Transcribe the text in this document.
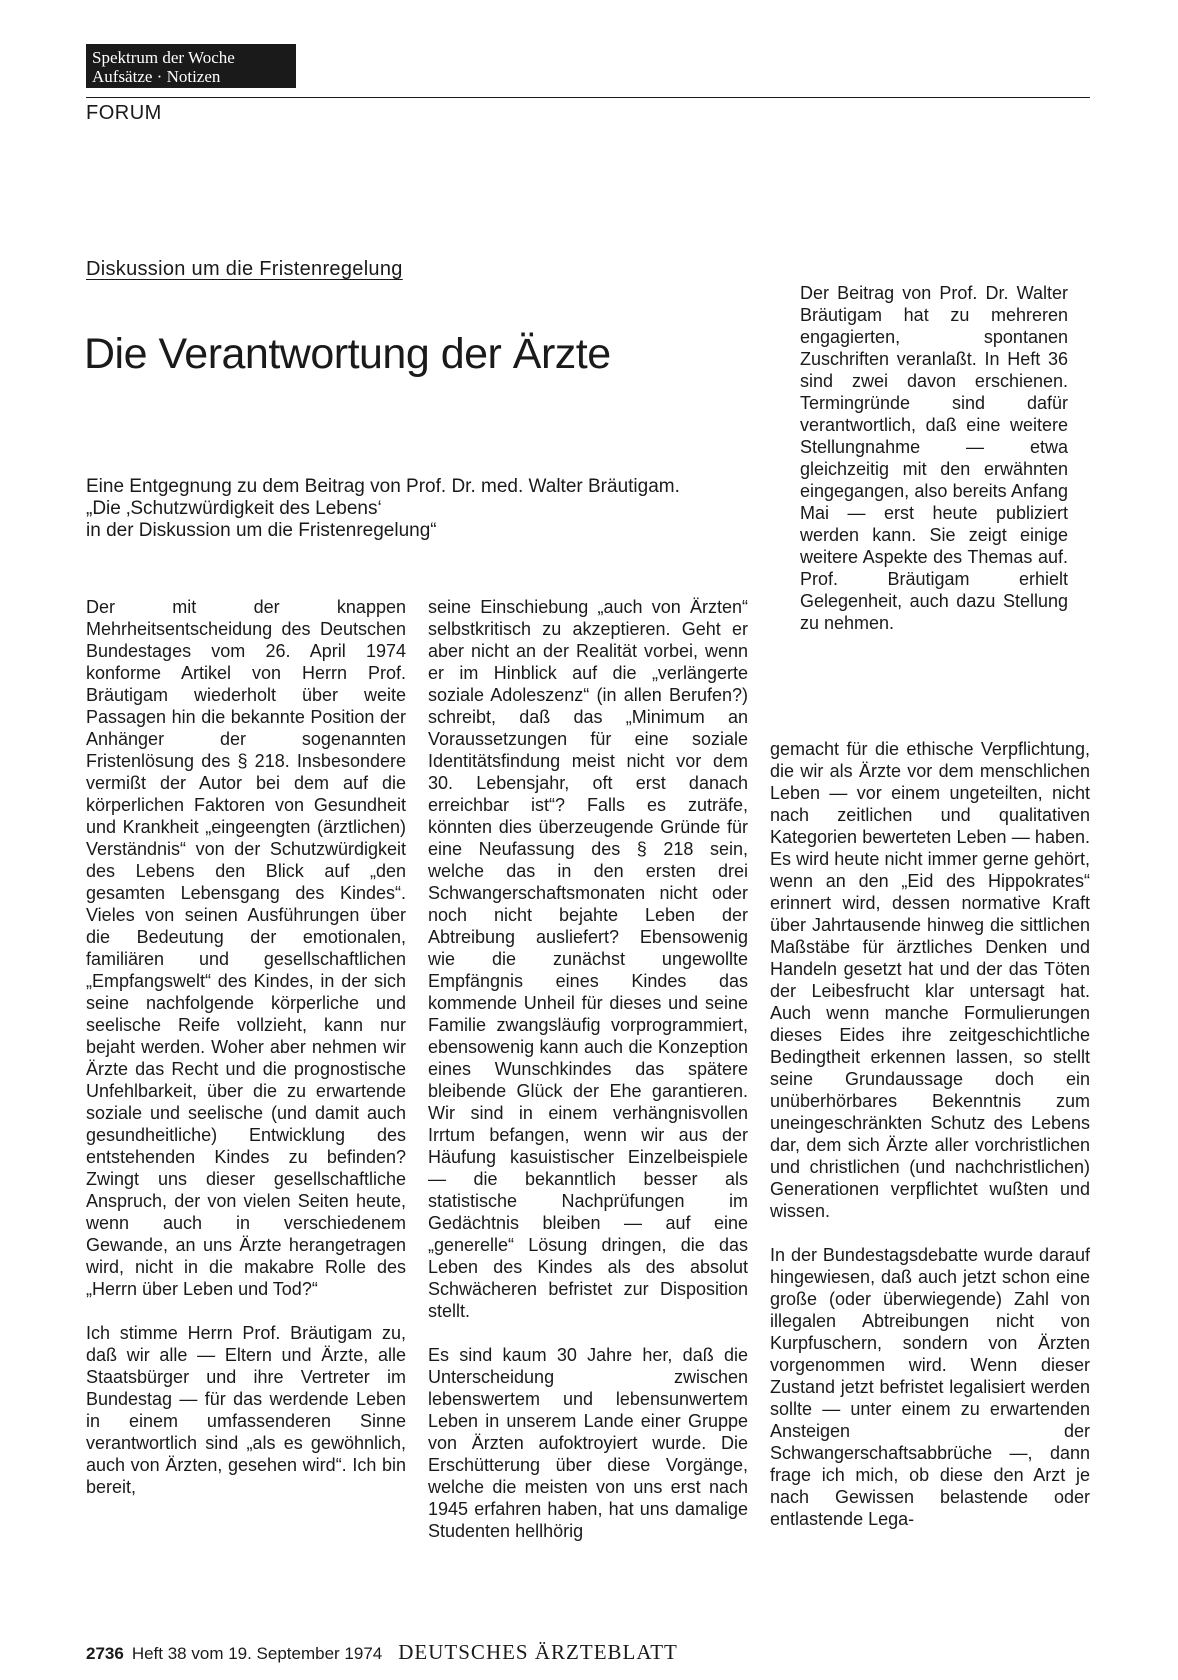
Spektrum der Woche
Aufsätze · Notizen
FORUM
Diskussion um die Fristenregelung
Die Verantwortung der Ärzte
Eine Entgegnung zu dem Beitrag von Prof. Dr. med. Walter Bräutigam.
„Die ‚Schutzwürdigkeit des Lebens‘
in der Diskussion um die Fristenregelung“
Der Beitrag von Prof. Dr. Walter Bräutigam hat zu mehreren engagierten, spontanen Zuschriften veranlaßt. In Heft 36 sind zwei davon erschienen. Termingründe sind dafür verantwortlich, daß eine weitere Stellungnahme — etwa gleichzeitig mit den erwähnten eingegangen, also bereits Anfang Mai — erst heute publiziert werden kann. Sie zeigt einige weitere Aspekte des Themas auf. Prof. Bräutigam erhielt Gelegenheit, auch dazu Stellung zu nehmen.

Der mit der knappen Mehrheitsentscheidung des Deutschen Bundestages vom 26. April 1974 konforme Artikel von Herrn Prof. Bräutigam wiederholt über weite Passagen hin die bekannte Position der Anhänger der sogenannten Fristenlösung des § 218. Insbesondere vermißt der Autor bei dem auf die körperlichen Faktoren von Gesundheit und Krankheit „eingeengten (ärztlichen) Verständnis“ von der Schutzwürdigkeit des Lebens den Blick auf „den gesamten Lebensgang des Kindes“. Vieles von seinen Ausführungen über die Bedeutung der emotionalen, familiären und gesellschaftlichen „Empfangswelt“ des Kindes, in der sich seine nachfolgende körperliche und seelische Reife vollzieht, kann nur bejaht werden. Woher aber nehmen wir Ärzte das Recht und die prognostische Unfehlbarkeit, über die zu erwartende soziale und seelische (und damit auch gesundheitliche) Entwicklung des entstehenden Kindes zu befinden? Zwingt uns dieser gesellschaftliche Anspruch, der von vielen Seiten heute, wenn auch in verschiedenem Gewande, an uns Ärzte herangetragen wird, nicht in die makabre Rolle des „Herrn über Leben und Tod?“

Ich stimme Herrn Prof. Bräutigam zu, daß wir alle — Eltern und Ärzte, alle Staatsbürger und ihre Vertreter im Bundestag — für das werdende Leben in einem umfassenderen Sinne verantwortlich sind „als es gewöhnlich, auch von Ärzten, gesehen wird“. Ich bin bereit,

seine Einschiebung „auch von Ärzten“ selbstkritisch zu akzeptieren. Geht er aber nicht an der Realität vorbei, wenn er im Hinblick auf die „verlängerte soziale Adoleszenz“ (in allen Berufen?) schreibt, daß das „Minimum an Voraussetzungen für eine soziale Identitätsfindung meist nicht vor dem 30. Lebensjahr, oft erst danach erreichbar ist“? Falls es zuträfe, könnten dies überzeugende Gründe für eine Neufassung des § 218 sein, welche das in den ersten drei Schwangerschaftsmonaten nicht oder noch nicht bejahte Leben der Abtreibung ausliefert? Ebensowenig wie die zunächst ungewollte Empfängnis eines Kindes das kommende Unheil für dieses und seine Familie zwangsläufig vorprogrammiert, ebensowenig kann auch die Konzeption eines Wunschkindes das spätere bleibende Glück der Ehe garantieren. Wir sind in einem verhängnisvollen Irrtum befangen, wenn wir aus der Häufung kasuistischer Einzelbeispiele — die bekanntlich besser als statistische Nachprüfungen im Gedächtnis bleiben — auf eine „generelle“ Lösung dringen, die das Leben des Kindes als des absolut Schwächeren befristet zur Disposition stellt.

Es sind kaum 30 Jahre her, daß die Unterscheidung zwischen lebenswertem und lebensunwertem Leben in unserem Lande einer Gruppe von Ärzten aufoktroyiert wurde. Die Erschütterung über diese Vorgänge, welche die meisten von uns erst nach 1945 erfahren haben, hat uns damalige Studenten hellhörig

gemacht für die ethische Verpflichtung, die wir als Ärzte vor dem menschlichen Leben — vor einem ungeteilten, nicht nach zeitlichen und qualitativen Kategorien bewerteten Leben — haben. Es wird heute nicht immer gerne gehört, wenn an den „Eid des Hippokrates“ erinnert wird, dessen normative Kraft über Jahrtausende hinweg die sittlichen Maßstäbe für ärztliches Denken und Handeln gesetzt hat und der das Töten der Leibesfrucht klar untersagt hat. Auch wenn manche Formulierungen dieses Eides ihre zeitgeschichtliche Bedingtheit erkennen lassen, so stellt seine Grundaussage doch ein unüberhörbares Bekenntnis zum uneingeschränkten Schutz des Lebens dar, dem sich Ärzte aller vorchristlichen und christlichen (und nachchristlichen) Generationen verpflichtet wußten und wissen.

In der Bundestagsdebatte wurde darauf hingewiesen, daß auch jetzt schon eine große (oder überwiegende) Zahl von illegalen Abtreibungen nicht von Kurpfuschern, sondern von Ärzten vorgenommen wird. Wenn dieser Zustand jetzt befristet legalisiert werden sollte — unter einem zu erwartenden Ansteigen der Schwangerschaftsabbrüche —, dann frage ich mich, ob diese den Arzt je nach Gewissen belastende oder entlastende Lega-

2736 Heft 38 vom 19. September 1974 DEUTSCHES ÄRZTEBLATT
